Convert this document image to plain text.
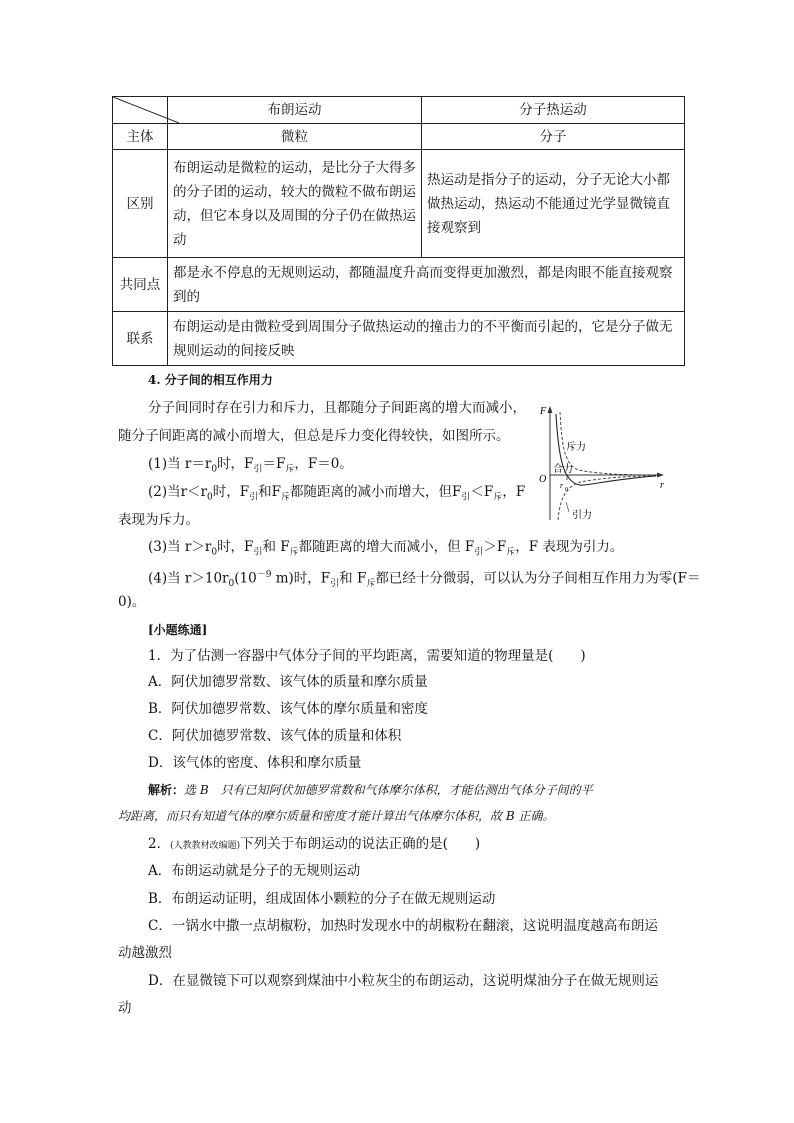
	布朗运动	分子热运动
主体	微粒	分子
区别	布朗运动是微粒的运动，是比分子大得多的分子团的运动，较大的微粒不做布朗运动，但它本身以及周围的分子仍在做热运动	热运动是指分子的运动，分子无论大小都做热运动，热运动不能通过光学显微镜直接观察到
共同点	都是永不停息的无规则运动，都随温度升高而变得更加激烈，都是肉眼不能直接观察到的	
联系	布朗运动是由微粒受到周围分子做热运动的撞击力的不平衡而引起的，它是分子做无规则运动的间接反映	
4. 分子间的相互作用力
分子间同时存在引力和斥力，且都随分子间距离的增大而减小，
随分子间距离的减小而增大，但总是斥力变化得较快，如图所示。
(1)当 $r=r_0$时，$F_引=F_斥$，F＝0。
(2)当$r<r_0$时，$F_引$和$F_斥$都随距离的减小而增大，但$F_引<F_斥$，F
表现为斥力。
(3)当 $r>r_0$时，$F_引$和 $F_斥$都随距离的增大而减小，但 $F_引>F_斥$，F 表现为引力。
(4)当 $r>10r_0(10^{-9}$ m)时，$F_引$和 $F_斥$都已经十分微弱，可以认为分子间相互作用力为零(F＝
0)。
F
O
r
r 0
斥力
合力
引力
[小题练通]
1．为了估测一容器中气体分子间的平均距离，需要知道的物理量是(　　)
A．阿伏加德罗常数、该气体的质量和摩尔质量
B．阿伏加德罗常数、该气体的摩尔质量和密度
C．阿伏加德罗常数、该气体的质量和体积
D．该气体的密度、体积和摩尔质量
解析：选 B　只有已知阿伏加德罗常数和气体摩尔体积，才能估测出气体分子间的平
均距离，而只有知道气体的摩尔质量和密度才能计算出气体摩尔体积，故 B 正确。
2．(人教教材改编题)下列关于布朗运动的说法正确的是(　　)
A．布朗运动就是分子的无规则运动
B．布朗运动证明，组成固体小颗粒的分子在做无规则运动
C．一锅水中撒一点胡椒粉，加热时发现水中的胡椒粉在翻滚，这说明温度越高布朗运
动越激烈
D．在显微镜下可以观察到煤油中小粒灰尘的布朗运动，这说明煤油分子在做无规则运
动
